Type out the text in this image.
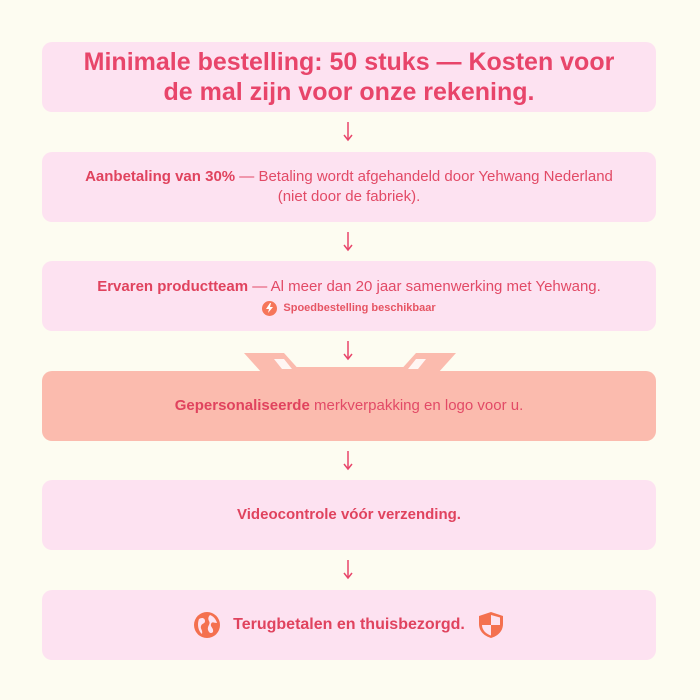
Minimale bestelling: 50 stuks — Kosten voor de mal zijn voor onze rekening.
Aanbetaling van 30% — Betaling wordt afgehandeld door Yehwang Nederland (niet door de fabriek).
Ervaren productteam — Al meer dan 20 jaar samenwerking met Yehwang.
Spoedbestelling beschikbaar
Gepersonaliseerde merkverpakking en logo voor u.
Videocontrole vóór verzending.
Terugbetalen en thuisbezorgd.
